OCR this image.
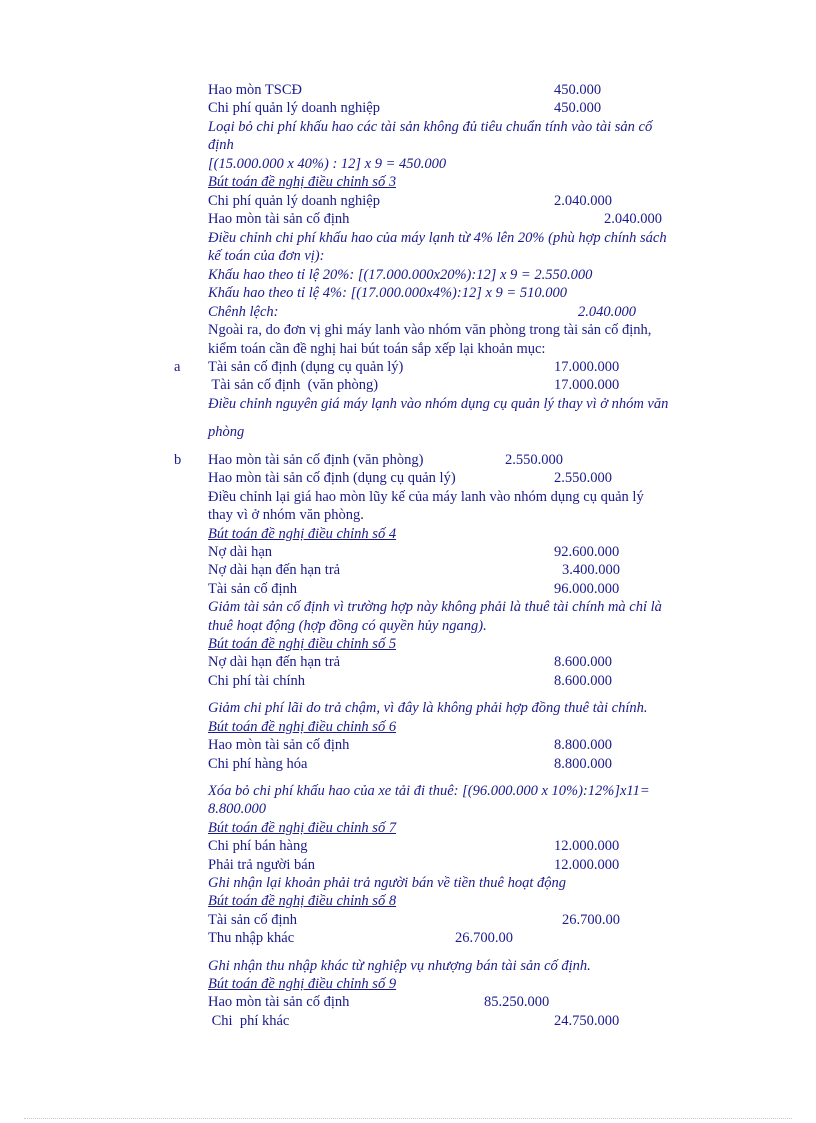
Hao mòn TSCĐ	450.000
Chi phí quản lý doanh nghiệp	450.000
Loại bỏ chi phí khấu hao các tài sản không đủ tiêu chuẩn tính vào tài sản cố
định
[(15.000.000 x 40%) : 12] x 9 = 450.000
Bút toán đề nghị điều chỉnh số 3
Chi phí quản lý doanh nghiệp	2.040.000
Hao mòn tài sản cố định	2.040.000
Điều chỉnh chi phí khấu hao của máy lạnh từ 4% lên 20% (phù hợp chính sách
kế toán của đơn vị):
Khấu hao theo tỉ lệ 20%: [(17.000.000x20%):12] x 9 = 2.550.000
Khấu hao theo tỉ lệ 4%: [(17.000.000x4%):12] x 9 = 510.000
Chênh lệch:	2.040.000
Ngoài ra, do đơn vị ghi máy lanh vào nhóm văn phòng trong tài sản cố định,
kiểm toán cần đề nghị hai bút toán sắp xếp lại khoản mục:
a Tài sản cố định (dụng cụ quản lý)	17.000.000
Tài sản cố định  (văn phòng)	17.000.000
Điều chỉnh nguyên giá máy lạnh vào nhóm dụng cụ quản lý thay vì ở nhóm văn
phòng
b Hao mòn tài sản cố định (văn phòng)	2.550.000
Hao mòn tài sản cố định (dụng cụ quản lý)	2.550.000
Điều chỉnh lại giá hao mòn lũy kế của máy lanh vào nhóm dụng cụ quản lý
thay vì ở nhóm văn phòng.
Bút toán đề nghị điều chỉnh số 4
Nợ dài hạn	92.600.000
Nợ dài hạn đến hạn trả	3.400.000
Tài sản cố định	96.000.000
Giảm tài sản cố định vì trường hợp này không phải là thuê tài chính mà chỉ là
thuê hoạt động (hợp đồng có quyền hủy ngang).
Bút toán đề nghị điều chỉnh số 5
Nợ dài hạn đến hạn trả	8.600.000
Chi phí tài chính	8.600.000
Giảm chi phí lãi do trả chậm, vì đây là không phải hợp đồng thuê tài chính.
Bút toán đề nghị điều chỉnh số 6
Hao mòn tài sản cố định	8.800.000
Chi phí hàng hóa	8.800.000
Xóa bỏ chi phí khấu hao của xe tải đi thuê: [(96.000.000 x 10%):12%]x11=
8.800.000
Bút toán đề nghị điều chỉnh số 7
Chi phí bán hàng	12.000.000
Phải trả người bán	12.000.000
Ghi nhận lại khoản phải trả người bán về tiền thuê hoạt động
Bút toán đề nghị điều chỉnh số 8
Tài sản cố định	26.700.00
Thu nhập khác	26.700.00
Ghi nhận thu nhập khác từ nghiệp vụ nhượng bán tài sản cố định.
Bút toán đề nghị điều chỉnh số 9
Hao mòn tài sản cố định	85.250.000
Chi  phí khác	24.750.000
